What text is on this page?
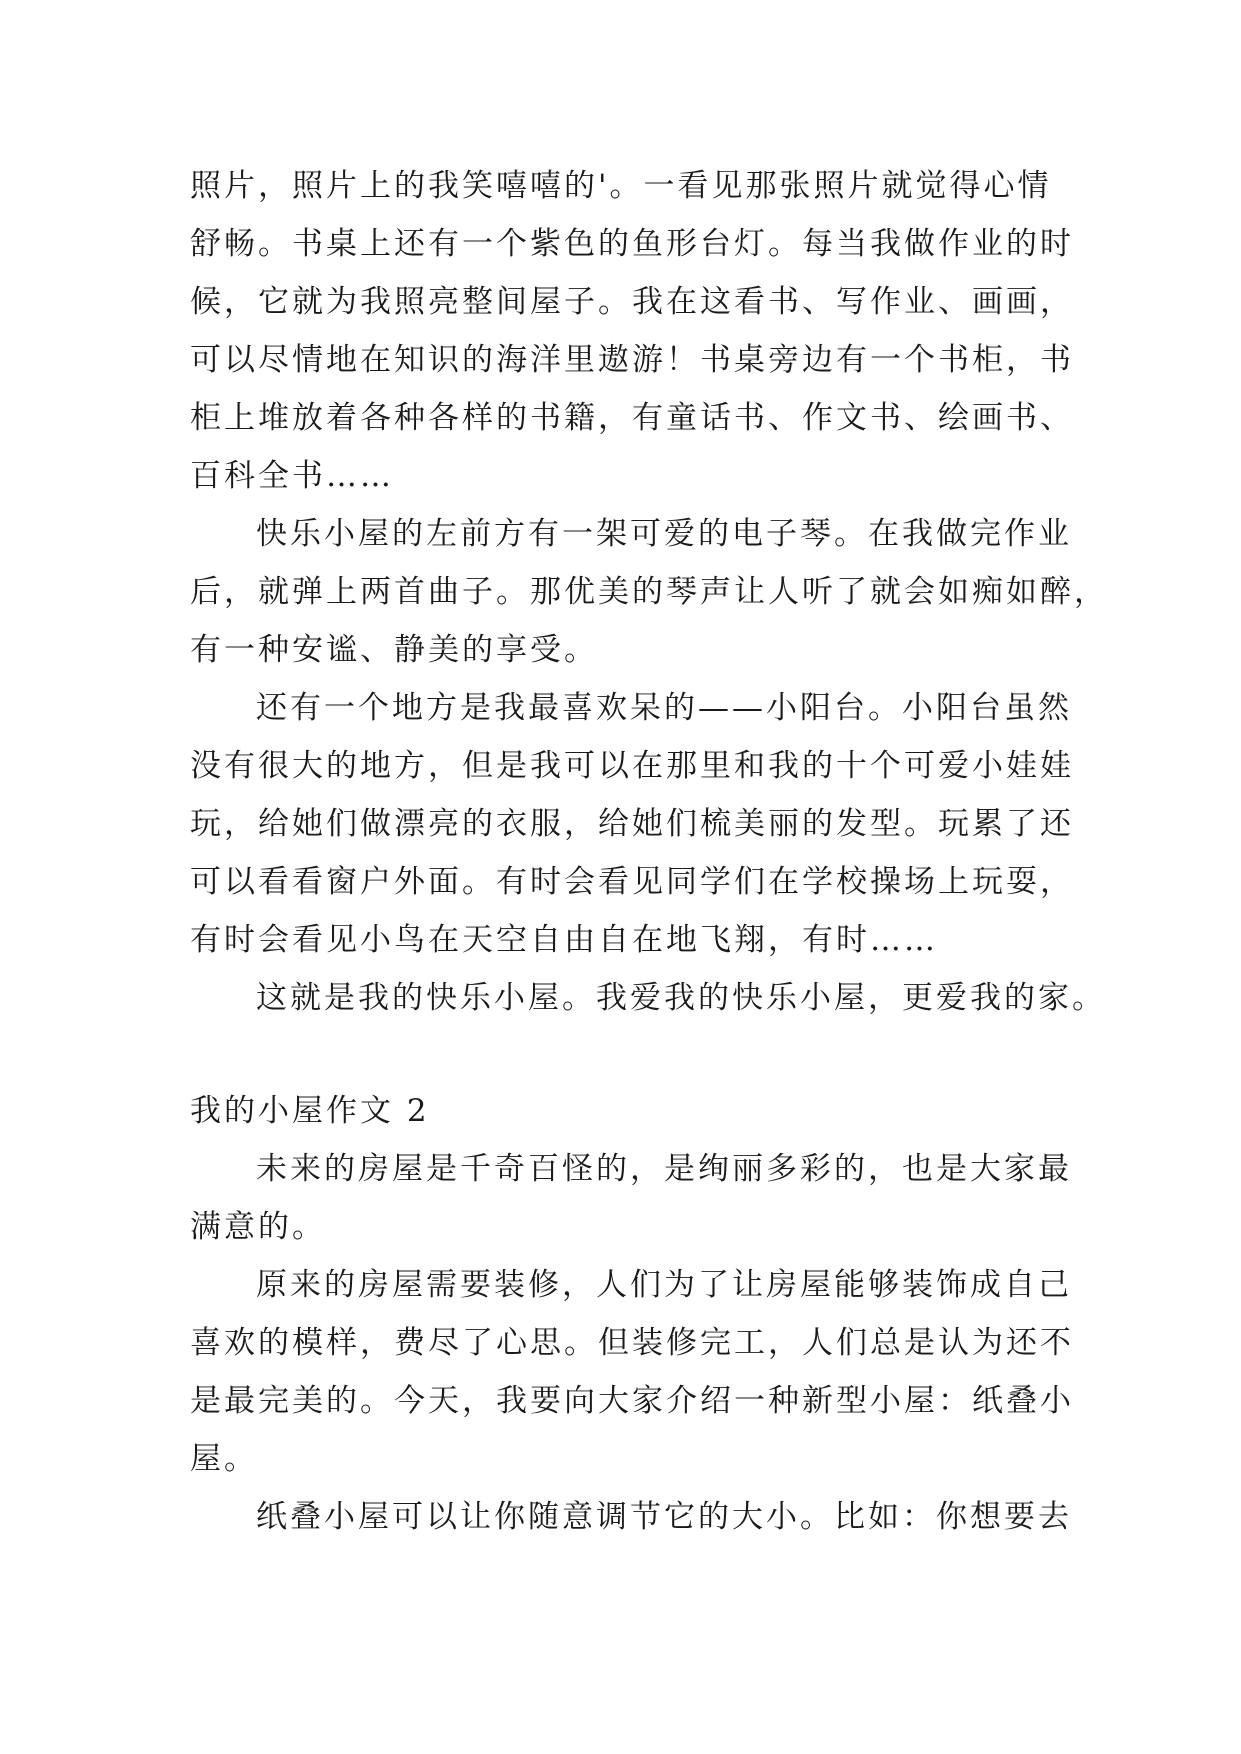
照片，照片上的我笑嘻嘻的'。一看见那张照片就觉得心情
舒畅。书桌上还有一个紫色的鱼形台灯。每当我做作业的时
候，它就为我照亮整间屋子。我在这看书、写作业、画画，
可以尽情地在知识的海洋里遨游！书桌旁边有一个书柜，书
柜上堆放着各种各样的书籍，有童话书、作文书、绘画书、
百科全书……
快乐小屋的左前方有一架可爱的电子琴。在我做完作业
后，就弹上两首曲子。那优美的琴声让人听了就会如痴如醉，
有一种安谧、静美的享受。
还有一个地方是我最喜欢呆的——小阳台。小阳台虽然
没有很大的地方，但是我可以在那里和我的十个可爱小娃娃
玩，给她们做漂亮的衣服，给她们梳美丽的发型。玩累了还
可以看看窗户外面。有时会看见同学们在学校操场上玩耍，
有时会看见小鸟在天空自由自在地飞翔，有时……
这就是我的快乐小屋。我爱我的快乐小屋，更爱我的家。
我的小屋作文 2
未来的房屋是千奇百怪的，是绚丽多彩的，也是大家最
满意的。
原来的房屋需要装修，人们为了让房屋能够装饰成自己
喜欢的模样，费尽了心思。但装修完工，人们总是认为还不
是最完美的。今天，我要向大家介绍一种新型小屋：纸叠小
屋。
纸叠小屋可以让你随意调节它的大小。比如：你想要去
